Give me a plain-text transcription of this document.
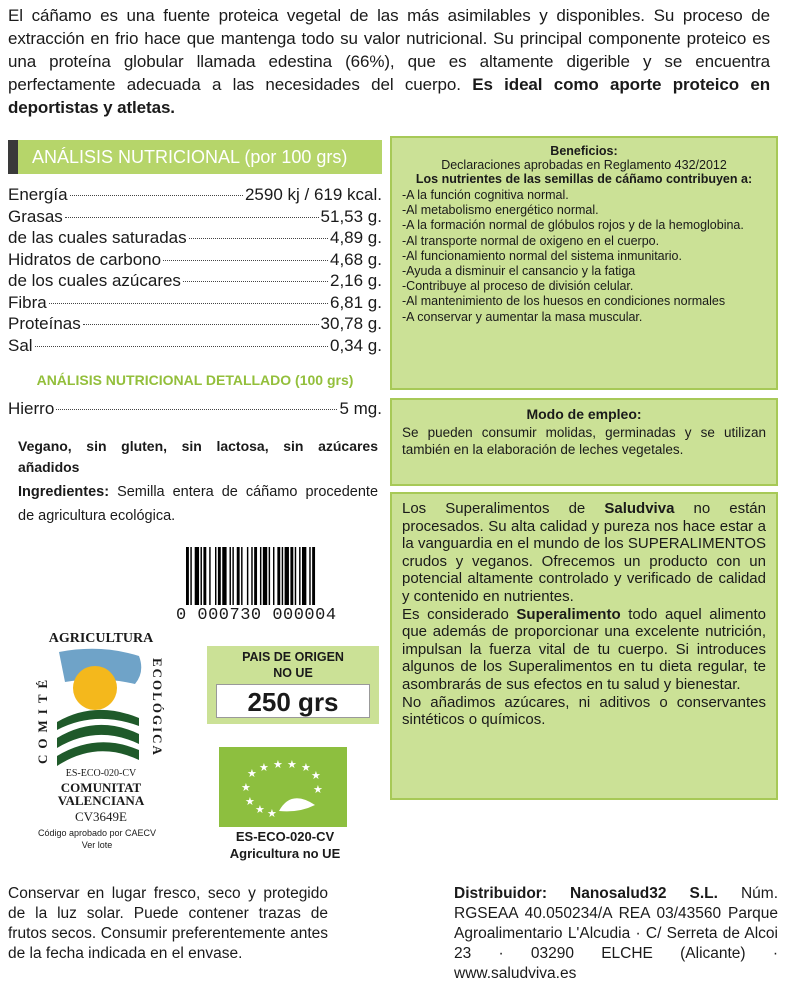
El cáñamo es una fuente proteica vegetal de las más asimilables y disponibles. Su proceso de extracción en frio hace que mantenga todo su valor nutricional. Su principal componente proteico es una proteína globular llamada edestina (66%), que es altamente digerible y se encuentra perfectamente adecuada a las necesidades del cuerpo. Es ideal como aporte proteico en deportistas y atletas.
ANÁLISIS NUTRICIONAL (por 100 grs)
Energía	2590 kj / 619 kcal.
Grasas	51,53 g.
de las cuales saturadas	4,89 g.
Hidratos de carbono	4,68 g.
de los cuales azúcares	2,16 g.
Fibra	6,81 g.
Proteínas	30,78 g.
Sal	0,34 g.
ANÁLISIS NUTRICIONAL DETALLADO (100 grs)
Hierro	5 mg.
Vegano, sin gluten, sin lactosa, sin azúcares añadidos
Ingredientes: Semilla entera de cáñamo procedente de agricultura ecológica.
Beneficios:
Declaraciones aprobadas en Reglamento 432/2012
Los nutrientes de las semillas de cáñamo contribuyen a:
-A la función cognitiva normal.
-Al metabolismo energético normal.
-A la formación normal de glóbulos rojos y de la hemoglobina.
-Al transporte normal de oxigeno en el cuerpo.
-Al funcionamiento normal del sistema inmunitario.
-Ayuda a disminuir el cansancio y la fatiga
-Contribuye al proceso de división celular.
-Al mantenimiento de los huesos en condiciones normales
-A conservar y aumentar la masa muscular.
Modo de empleo:
Se pueden consumir molidas, germinadas y se utilizan también en la elaboración de leches vegetales.

Los Superalimentos de Saludviva no están procesados. Su alta calidad y pureza nos hace estar a la vanguardia en el mundo de los SUPERALIMENTOS crudos y veganos. Ofrecemos un producto con un potencial altamente controlado y verificado de calidad y contenido en nutrientes.

Es considerado Superalimento todo aquel alimento que además de proporcionar una excelente nutrición, impulsan la fuerza vital de tu cuerpo. Si introduces algunos de los Superalimentos en tu dieta regular, te asombrarás de sus efectos en tu salud y bienestar.

No añadimos azúcares, ni aditivos o conservantes sintéticos o químicos.

0 000730 000004
AGRICULTURA
COMITÉ	ECOLÓGICA
ES-ECO-020-CV
COMUNITAT
VALENCIANA
CV3649E
Código aprobado por CAECV
Ver lote
PAIS DE ORIGEN
NO UE
250 grs
★ ★ ★ ★ ★
★
★
★
★
★ ★
ES-ECO-020-CV
Agricultura no UE
Conservar en lugar fresco, seco y protegido de la luz solar. Puede contener trazas de frutos secos. Consumir preferentemente antes de la fecha indicada en el envase.
Distribuidor: Nanosalud32 S.L. Núm. RGSEAA 40.050234/A REA 03/43560 Parque Agroalimentario L'Alcudia · C/ Serreta de Alcoi 23 · 03290 ELCHE (Alicante) · www.saludviva.es
